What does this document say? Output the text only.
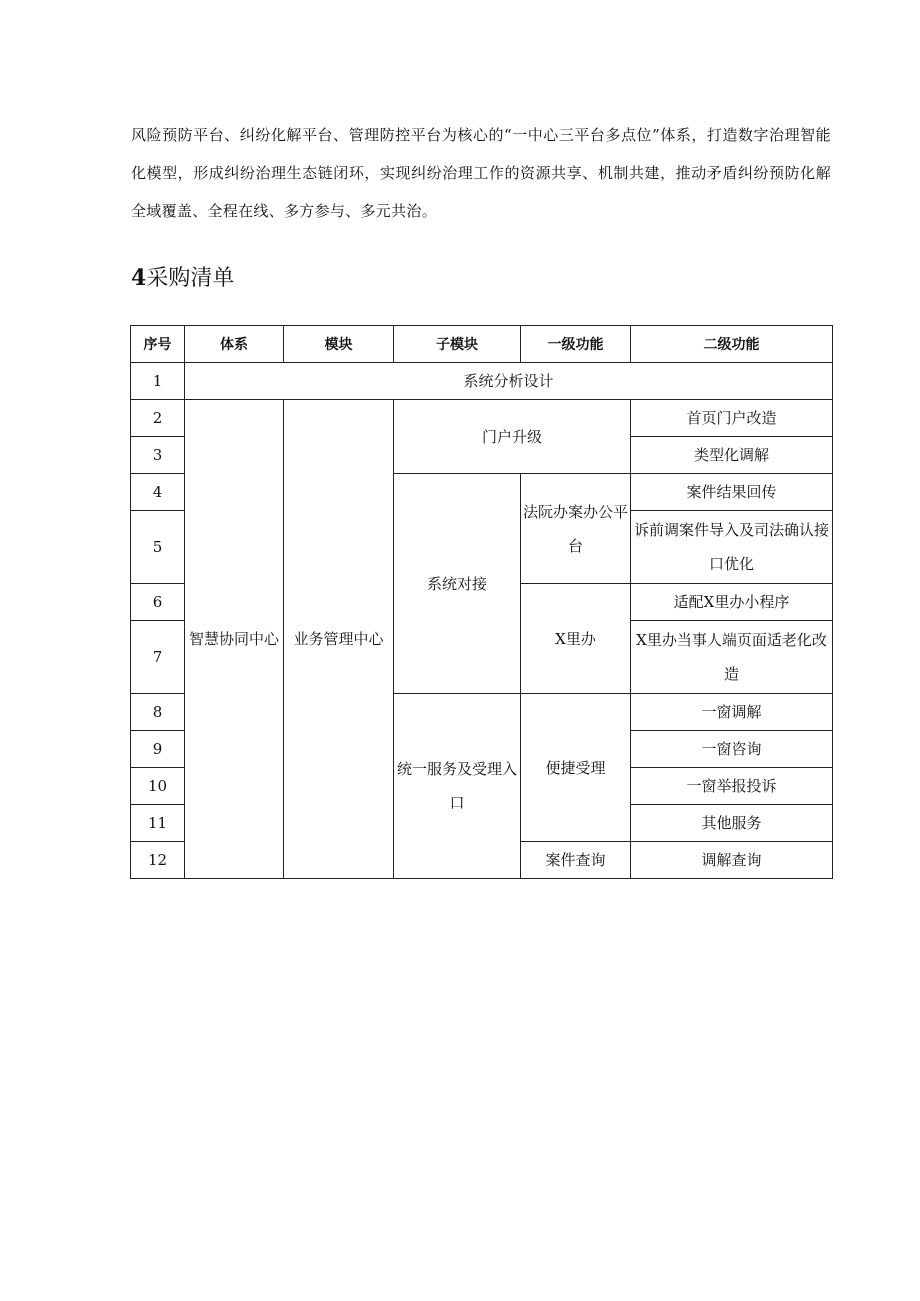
风险预防平台、纠纷化解平台、管理防控平台为核心的“一中心三平台多点位”体系，打造数字治理智能化模型，形成纠纷治理生态链闭环，实现纠纷治理工作的资源共享、机制共建，推动矛盾纠纷预防化解全域覆盖、全程在线、多方参与、多元共治。

4采购清单
序号	体系	模块	子模块	一级功能	二级功能
1	系统分析设计				
2	智慧协同中心	业务管理中心	门户升级		首页门户改造
3					类型化调解
4			系统对接	法阮办案办公平台	案件结果回传
5					诉前调案件导入及司法确认接口优化
6				X里办	适配X里办小程序
7					X里办当事人端页面适老化改造
8			统一服务及受理入口	便捷受理	一窗调解
9					一窗咨询
10					一窗举报投诉
11					其他服务
12				案件查询	调解查询
